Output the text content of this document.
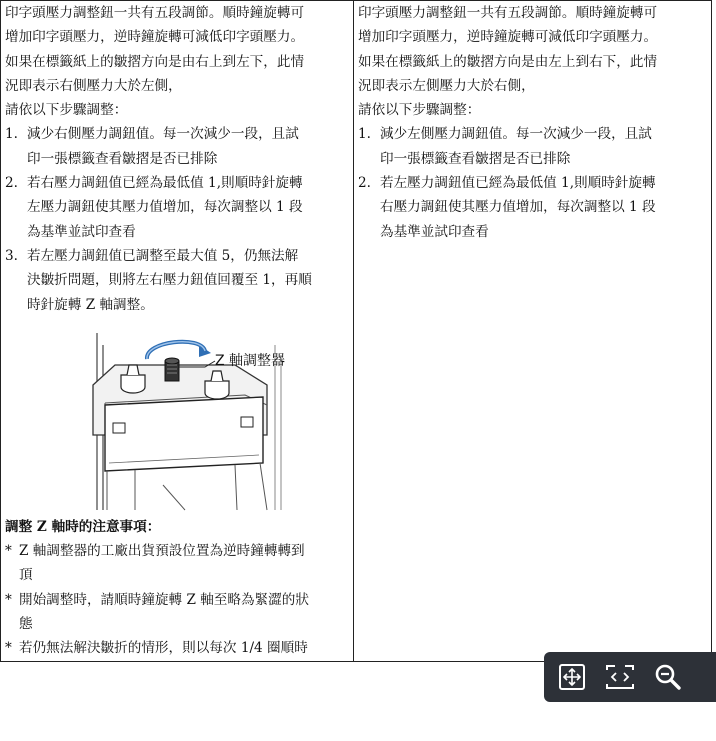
印字頭壓力調整鈕一共有五段調節。順時鐘旋轉可

增加印字頭壓力，逆時鐘旋轉可減低印字頭壓力。

如果在標籤紙上的皺摺方向是由右上到左下，此情

況即表示右側壓力大於左側，

請依以下步驟調整：

1. 減少右側壓力調鈕值。每一次減少一段，且試
印一張標籤查看皺摺是否已排除
2. 若右壓力調鈕值已經為最低值 1,則順時針旋轉
左壓力調鈕使其壓力值增加，每次調整以 1 段
為基準並試印查看
3. 若左壓力調鈕值已調整至最大值 5，仍無法解
決皺折問題，則將左右壓力鈕值回覆至 1，再順
時針旋轉 Z 軸調整。
Z 軸調整器

調整 Z 軸時的注意事項：

* Z 軸調整器的工廠出貨預設位置為逆時鐘轉轉到
頂
* 開始調整時，請順時鐘旋轉 Z 軸至略為緊澀的狀
態
* 若仍無法解決皺折的情形，則以每次 1/4 圈順時

印字頭壓力調整鈕一共有五段調節。順時鐘旋轉可

增加印字頭壓力，逆時鐘旋轉可減低印字頭壓力。

如果在標籤紙上的皺摺方向是由左上到右下，此情

況即表示左側壓力大於右側，

請依以下步驟調整：

1. 減少左側壓力調鈕值。每一次減少一段，且試
印一張標籤查看皺摺是否已排除
2. 若左壓力調鈕值已經為最低值 1,則順時針旋轉
右壓力調鈕使其壓力值增加，每次調整以 1 段
為基準並試印查看
